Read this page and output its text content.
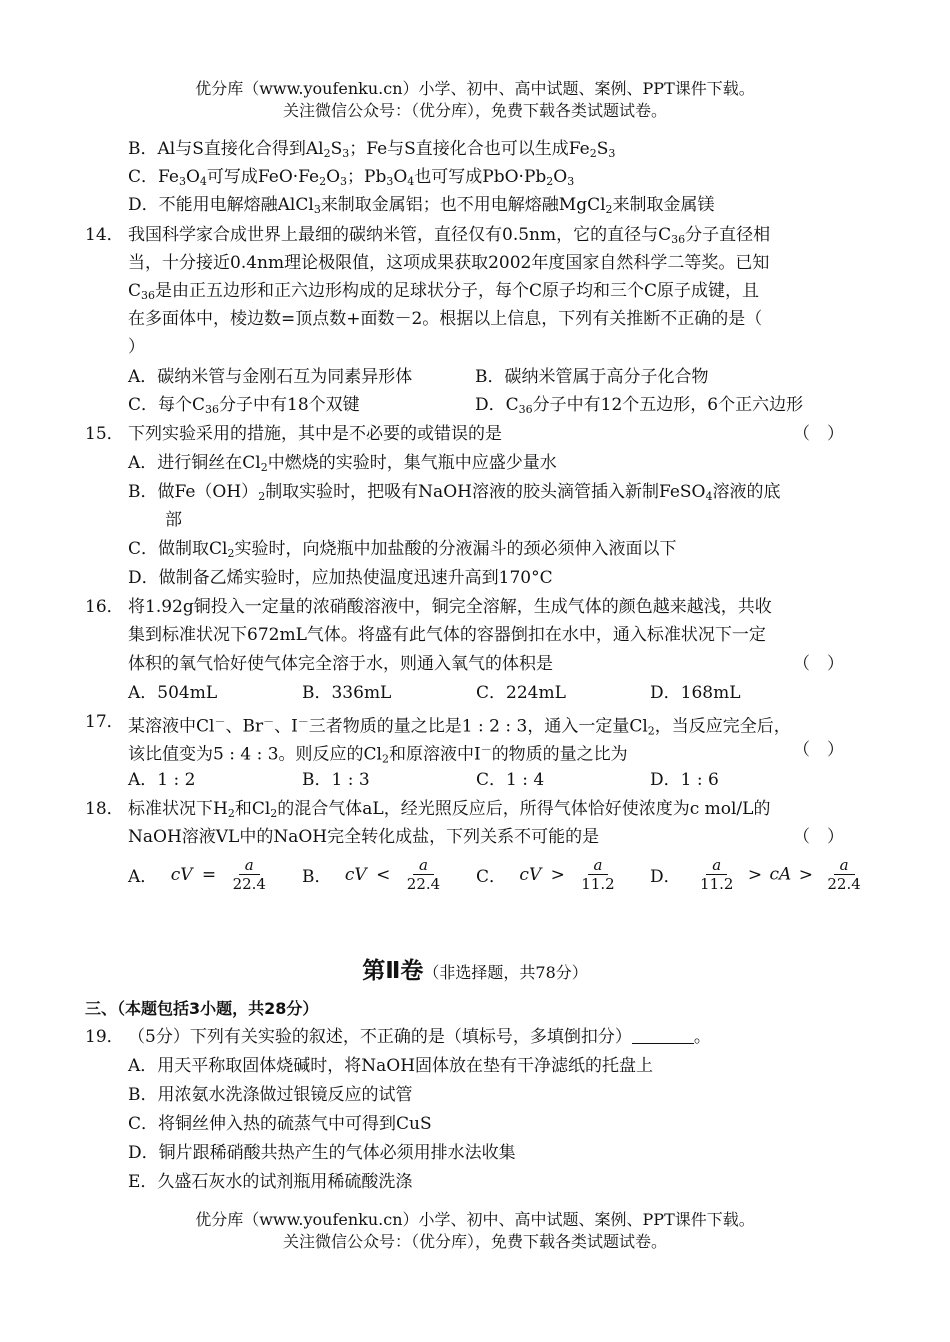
优分库（www.youfenku.cn）小学、初中、高中试题、案例、PPT课件下载。
关注微信公众号：（优分库），免费下载各类试题试卷。
B．Al与S直接化合得到$Al_2S_3$；Fe与S直接化合也可以生成$Fe_2S_3$
C．$Fe_3O_4$可写成$FeO\cdot Fe_2O_3$；$Pb_3O_4$也可写成$PbO\cdot Pb_2O_3$
D．不能用电解熔融AlCl$_3$来制取金属铝；也不用电解熔融MgCl$_2$来制取金属镁
14． 我国科学家合成世界上最细的碳纳米管，直径仅有0.5nm，它的直径与$C_{36}$分子直径相
当，十分接近0.4nm理论极限值，这项成果获取2002年度国家自然科学二等奖。已知
$C_{36}$是由正五边形和正六边形构成的足球状分子，每个C原子均和三个C原子成键，且
在多面体中，棱边数=顶点数+面数－2。根据以上信息，下列有关推断不正确的是（
）
A．碳纳米管与金刚石互为同素异形体	B．碳纳米管属于高分子化合物
C．每个$C_{36}$分子中有18个双键	D．$C_{36}$分子中有12个五边形，6个正六边形
15． 下列实验采用的措施，其中是不必要的或错误的是	（　）
A．进行铜丝在$Cl_2$中燃烧的实验时，集气瓶中应盛少量水
B．做$Fe(OH)_2$制取实验时，把吸有NaOH溶液的胶头滴管插入新制FeSO$_4$溶液的底
部
C．做制取$Cl_2$实验时，向烧瓶中加盐酸的分液漏斗的颈必须伸入液面以下
D．做制备乙烯实验时，应加热使温度迅速升高到170°C
16． 将1.92g铜投入一定量的浓硝酸溶液中，铜完全溶解，生成气体的颜色越来越浅，共收
集到标准状况下672mL气体。将盛有此气体的容器倒扣在水中，通入标准状况下一定
体积的氧气恰好使气体完全溶于水，则通入氧气的体积是	（　）
A．504mL	B．336mL	C．224mL	D．168mL
17． 某溶液中Cl－、Br－、I－三者物质的量之比是1 : 2 : 3，通入一定量$Cl_2$，当反应完全后，
该比值变为5 : 4 : 3。则反应的$Cl_2$和原溶液中I－的物质的量之比为	（　）
A．1 : 2	B．1 : 3	C．1 : 4	D．1 : 6
18． 标准状况下$H_2$和$Cl_2$的混合气体aL，经光照反应后，所得气体恰好使浓度为c mol/L的
NaOH溶液VL中的NaOH完全转化成盐，下列关系不可能的是	（　）
A． cV = $\frac{a}{22.4}$ B． cV < $\frac{a}{22.4}$ C． cV > $\frac{a}{11.2}$ D． $\frac{a}{11.2}$ > cA > $\frac{a}{22.4}$
第Ⅱ卷（非选择题，共78分）
三、（本题包括3小题，共28分）
19． （5分）下列有关实验的叙述，不正确的是（填标号，多填倒扣分）	。
A．用天平称取固体烧碱时，将NaOH固体放在垫有干净滤纸的托盘上
B．用浓氨水洗涤做过银镜反应的试管
C．将铜丝伸入热的硫蒸气中可得到CuS
D．铜片跟稀硝酸共热产生的气体必须用排水法收集
E．久盛石灰水的试剂瓶用稀硫酸洗涤
优分库（www.youfenku.cn）小学、初中、高中试题、案例、PPT课件下载。
关注微信公众号：（优分库），免费下载各类试题试卷。
